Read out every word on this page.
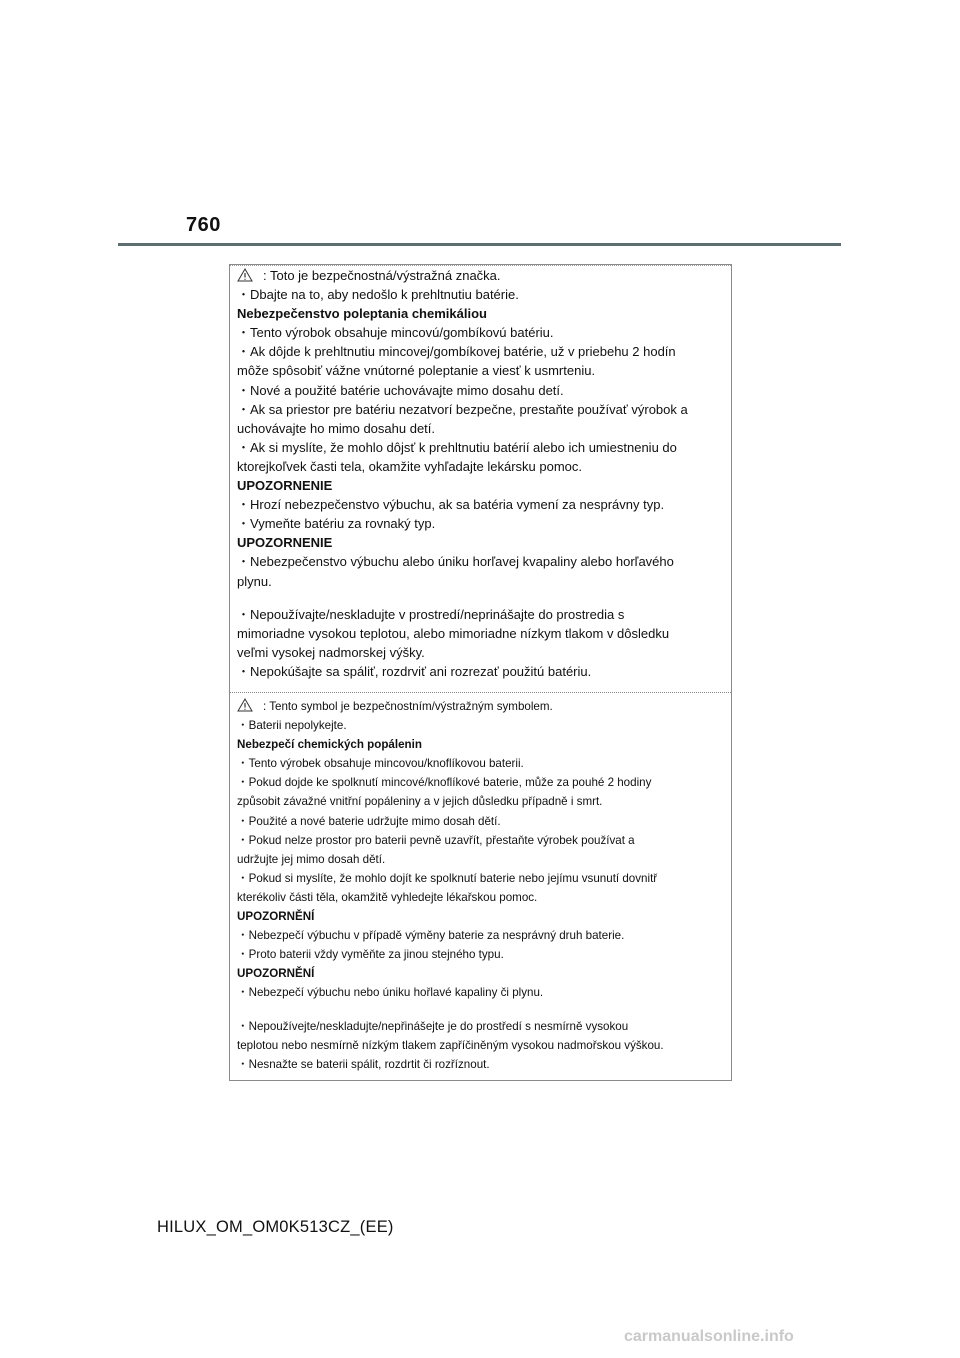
760
: Toto je bezpečnostná/výstražná značka.
・Dbajte na to, aby nedošlo k prehltnutiu batérie.
Nebezpečenstvo poleptania chemikáliou
・Tento výrobok obsahuje mincovú/gombíkovú batériu.
・Ak dôjde k prehltnutiu mincovej/gombíkovej batérie, už v priebehu 2 hodín
môže spôsobiť vážne vnútorné poleptanie a viesť k usmrteniu.
・Nové a použité batérie uchovávajte mimo dosahu detí.
・Ak sa priestor pre batériu nezatvorí bezpečne, prestaňte používať výrobok a
uchovávajte ho mimo dosahu detí.
・Ak si myslíte, že mohlo dôjsť k prehltnutiu batérií alebo ich umiestneniu do
ktorejkoľvek časti tela, okamžite vyhľadajte lekársku pomoc.
UPOZORNENIE
・Hrozí nebezpečenstvo výbuchu, ak sa batéria vymení za nesprávny typ.
・Vymeňte batériu za rovnaký typ.
UPOZORNENIE
・Nebezpečenstvo výbuchu alebo úniku horľavej kvapaliny alebo horľavého
plynu.
・Nepoužívajte/neskladujte v prostredí/neprinášajte do prostredia s
mimoriadne vysokou teplotou, alebo mimoriadne nízkym tlakom v dôsledku
veľmi vysokej nadmorskej výšky.
・Nepokúšajte sa spáliť, rozdrviť ani rozrezať použitú batériu.
: Tento symbol je bezpečnostním/výstražným symbolem.
・Baterii nepolykejte.
Nebezpečí chemických popálenin
・Tento výrobek obsahuje mincovou/knoflíkovou baterii.
・Pokud dojde ke spolknutí mincové/knoflíkové baterie, může za pouhé 2 hodiny
způsobit závažné vnitřní popáleniny a v jejich důsledku případně i smrt.
・Použité a nové baterie udržujte mimo dosah dětí.
・Pokud nelze prostor pro baterii pevně uzavřít, přestaňte výrobek používat a
udržujte jej mimo dosah dětí.
・Pokud si myslíte, že mohlo dojít ke spolknutí baterie nebo jejímu vsunutí dovnitř
kterékoliv části těla, okamžitě vyhledejte lékařskou pomoc.
UPOZORNĚNÍ
・Nebezpečí výbuchu v případě výměny baterie za nesprávný druh baterie.
・Proto baterii vždy vyměňte za jinou stejného typu.
UPOZORNĚNÍ
・Nebezpečí výbuchu nebo úniku hořlavé kapaliny či plynu.
・Nepoužívejte/neskladujte/nepřinášejte je do prostředí s nesmírně vysokou
teplotou nebo nesmírně nízkým tlakem zapříčiněným vysokou nadmořskou výškou.
・Nesnažte se baterii spálit, rozdrtit či rozříznout.
HILUX_OM_OM0K513CZ_(EE)
carmanualsonline.info
